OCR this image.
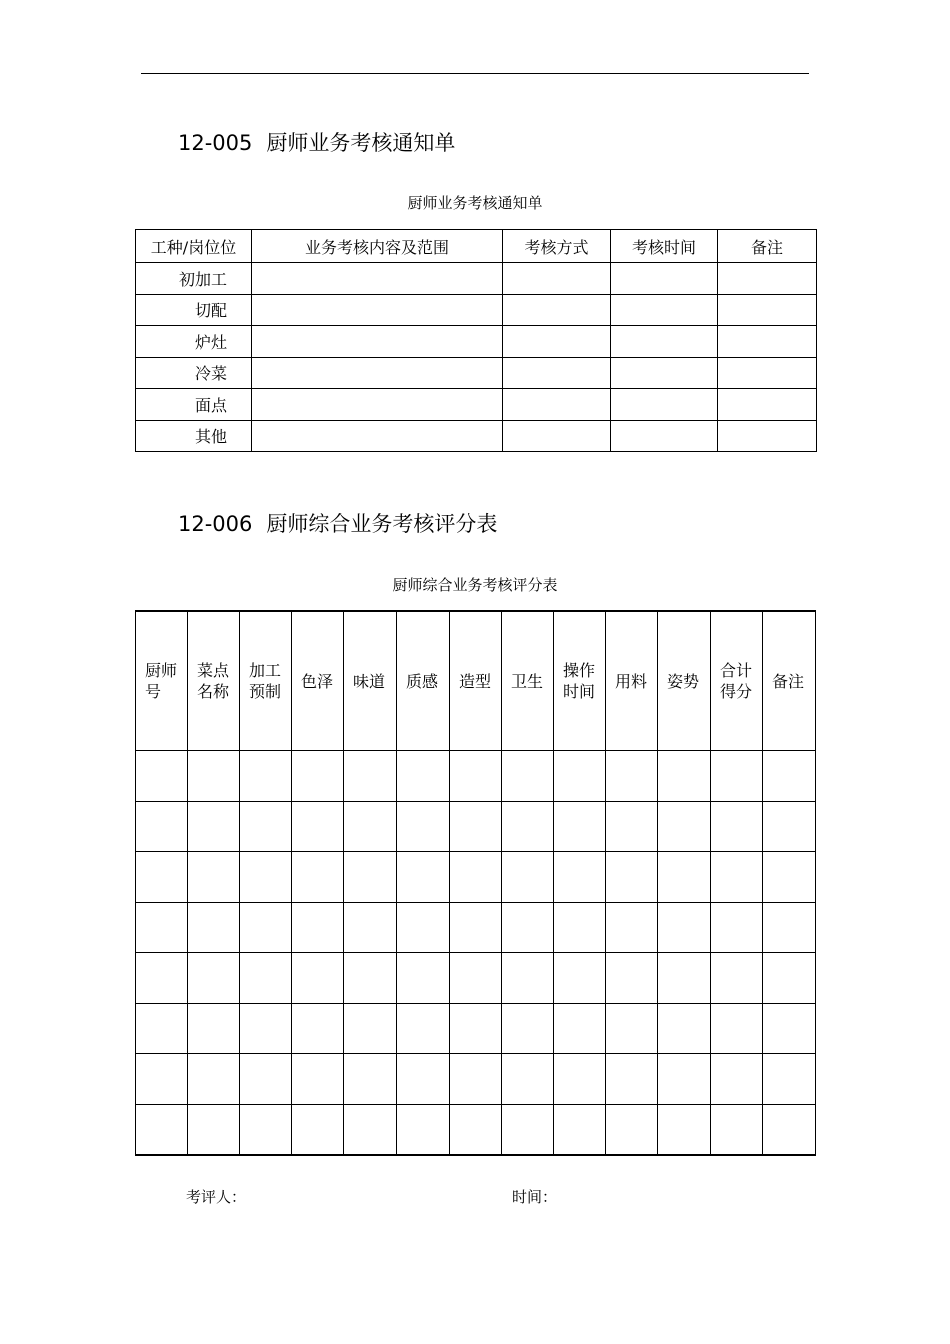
12-005 厨师业务考核通知单

厨师业务考核通知单

工种/岗位位	业务考核内容及范围	考核方式	考核时间	备注
初加工				
切配				
炉灶				
冷菜				
面点				
其他				
12-006 厨师综合业务考核评分表

厨师综合业务考核评分表

厨师号	菜点名称	加工预制	色泽	味道	质感	造型	卫生	操作时间	用料	姿势	合计得分	备注

考评人：	时间：
